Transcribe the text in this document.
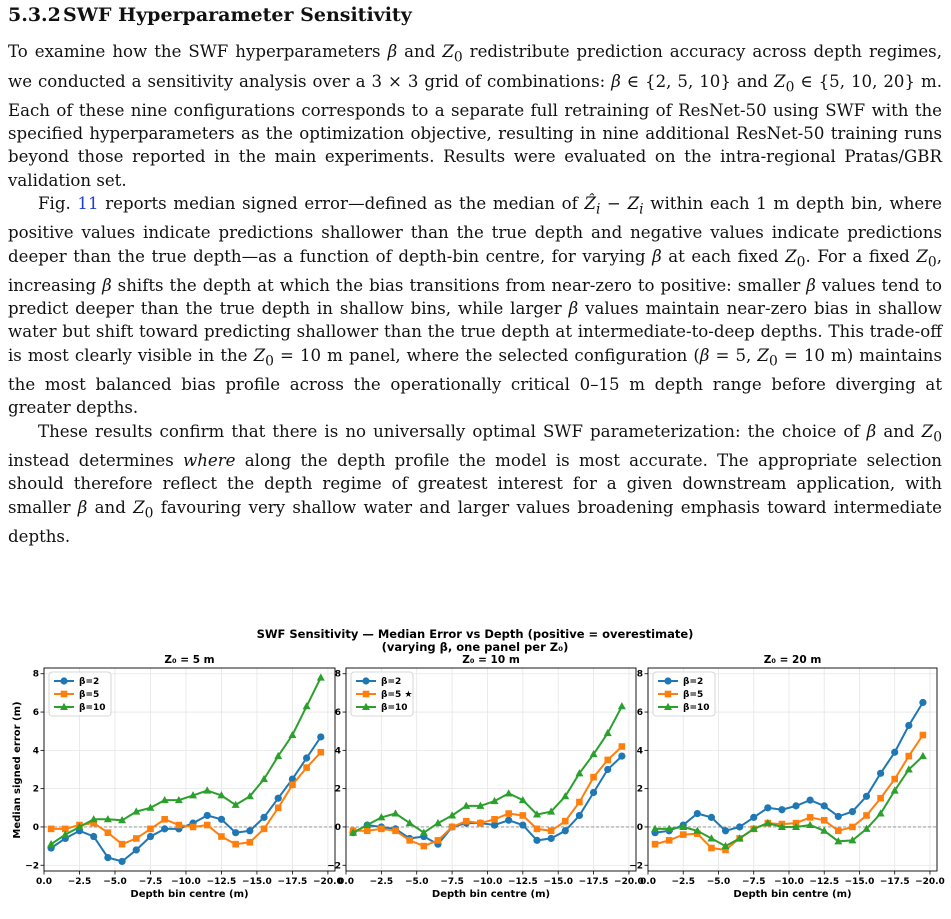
5.3.2 SWF Hyperparameter Sensitivity

To examine how the SWF hyperparameters β and $Z_0$ redistribute prediction accuracy across depth regimes, we conducted a sensitivity analysis over a 3 × 3 grid of combinations: β ∈ {2, 5, 10} and $Z_0$ ∈ {5, 10, 20} m. Each of these nine configurations corresponds to a separate full retraining of ResNet-50 using SWF with the specified hyperparameters as the optimization objective, resulting in nine additional ResNet-50 training runs beyond those reported in the main experiments. Results were evaluated on the intra-regional Pratas/GBR validation set.

Fig. 11 reports median signed error—defined as the median of Ẑ$_i$ − $Z_i$ within each 1 m depth bin, where positive values indicate predictions shallower than the true depth and negative values indicate predictions deeper than the true depth—as a function of depth-bin centre, for varying β at each fixed $Z_0$. For a fixed $Z_0$, increasing β shifts the depth at which the bias transitions from near-zero to positive: smaller β values tend to predict deeper than the true depth in shallow bins, while larger β values maintain near-zero bias in shallow water but shift toward predicting shallower than the true depth at intermediate-to-deep depths. This trade-off is most clearly visible in the $Z_0 = 10$ m panel, where the selected configuration (β = 5, $Z_0 = 10$ m) maintains the most balanced bias profile across the operationally critical 0–15 m depth range before diverging at greater depths.

These results confirm that there is no universally optimal SWF parameterization: the choice of β and $Z_0$ instead determines where along the depth profile the model is most accurate. The appropriate selection should therefore reflect the depth regime of greatest interest for a given downstream application, with smaller β and $Z_0$ favouring very shallow water and larger values broadening emphasis toward intermediate depths.

SWF Sensitivity — Median Error vs Depth (positive = overestimate)
(varying β, one panel per Z₀)
Median signed error (m)
0.0 −2.5 −5.0 −7.5 −10.0 −12.5 −15.0 −17.5 −20.0
−2
0
2
4
6
8
Z₀ = 5 m
Depth bin centre (m)
β=2
β=5
β=10
0.0 −2.5 −5.0 −7.5 −10.0 −12.5 −15.0 −17.5 −20.0
−2
0
2
4
6
8
Z₀ = 10 m
Depth bin centre (m)
β=2
β=5 ★
β=10
0.0 −2.5 −5.0 −7.5 −10.0 −12.5 −15.0 −17.5 −20.0
−2
0
2
4
6
8
Z₀ = 20 m
Depth bin centre (m)
β=2
β=5
β=10
